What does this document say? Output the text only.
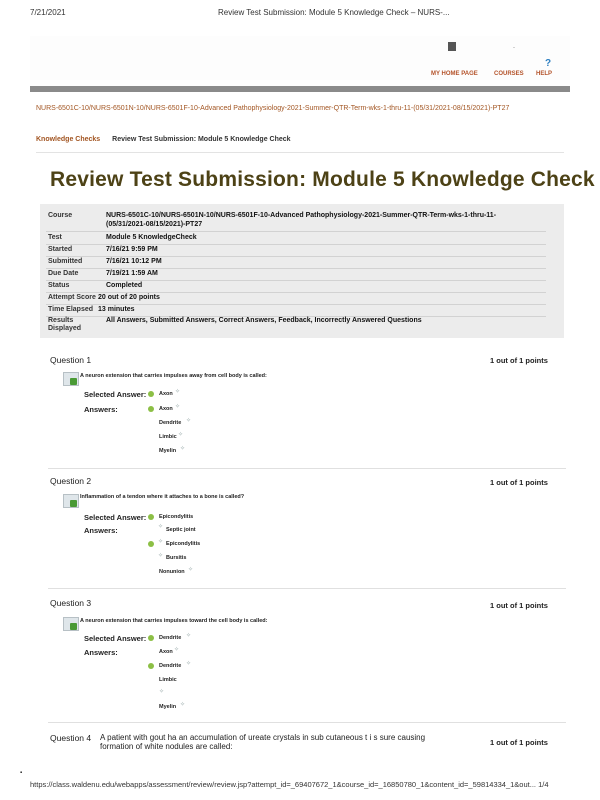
7/21/2021	Review Test Submission: Module 5 Knowledge Check – NURS-...
·
?
MY HOME PAGE	COURSES HELP
NURS-6501C-10/NURS-6501N-10/NURS-6501F-10-Advanced Pathophysiology-2021-Summer-QTR-Term-wks-1-thru-11-(05/31/2021-08/15/2021)-PT27
Knowledge Checks Review Test Submission: Module 5 Knowledge Check
Review Test Submission: Module 5 Knowledge Check
Course	NURS-6501C-10/NURS-6501N-10/NURS-6501F-10-Advanced Pathophysiology-2021-Summer-QTR-Term-wks-1-thru-11-
(05/31/2021-08/15/2021)-PT27
Test	Module 5 KnowledgeCheck
Started	7/16/21 9:59 PM
Submitted	7/16/21 10:12 PM
Due Date	7/19/21 1:59 AM
Status	Completed
Attempt Score 20 out of 20 points
Time Elapsed 13 minutes
Results
Displayed
All Answers, Submitted Answers, Correct Answers, Feedback, Incorrectly Answered Questions
Question 1	1 out of 1 points
A neuron extension that carries impulses away from cell body is called:
Selected Answer: Axon ✧
Answers:	Axon ✧
Dendrite ✧
Limbic ✧
Myelin ✧
Question 2	1 out of 1 points
Inflammation of a tendon where it attaches to a bone is called?
Selected Answer: Epicondylitis
Answers:	✧ Septic joint
✧ Epicondylitis
✧ Bursitis
Nonunion ✧
Question 3	1 out of 1 points
A neuron extension that carries impulses toward the cell body is called:
Selected Answer: Dendrite ✧
Answers:	Axon ✧
Dendrite ✧
Limbic
✧
Myelin ✧
Question 4	1 out of 1 points
A patient with gout ha an accumulation of ureate crystals in sub cutaneous t i s sure causing formation of white nodules are called:
▪
https://class.waldenu.edu/webapps/assessment/review/review.jsp?attempt_id=_69407672_1&course_id=_16850780_1&content_id=_59814334_1&out... 1/4
